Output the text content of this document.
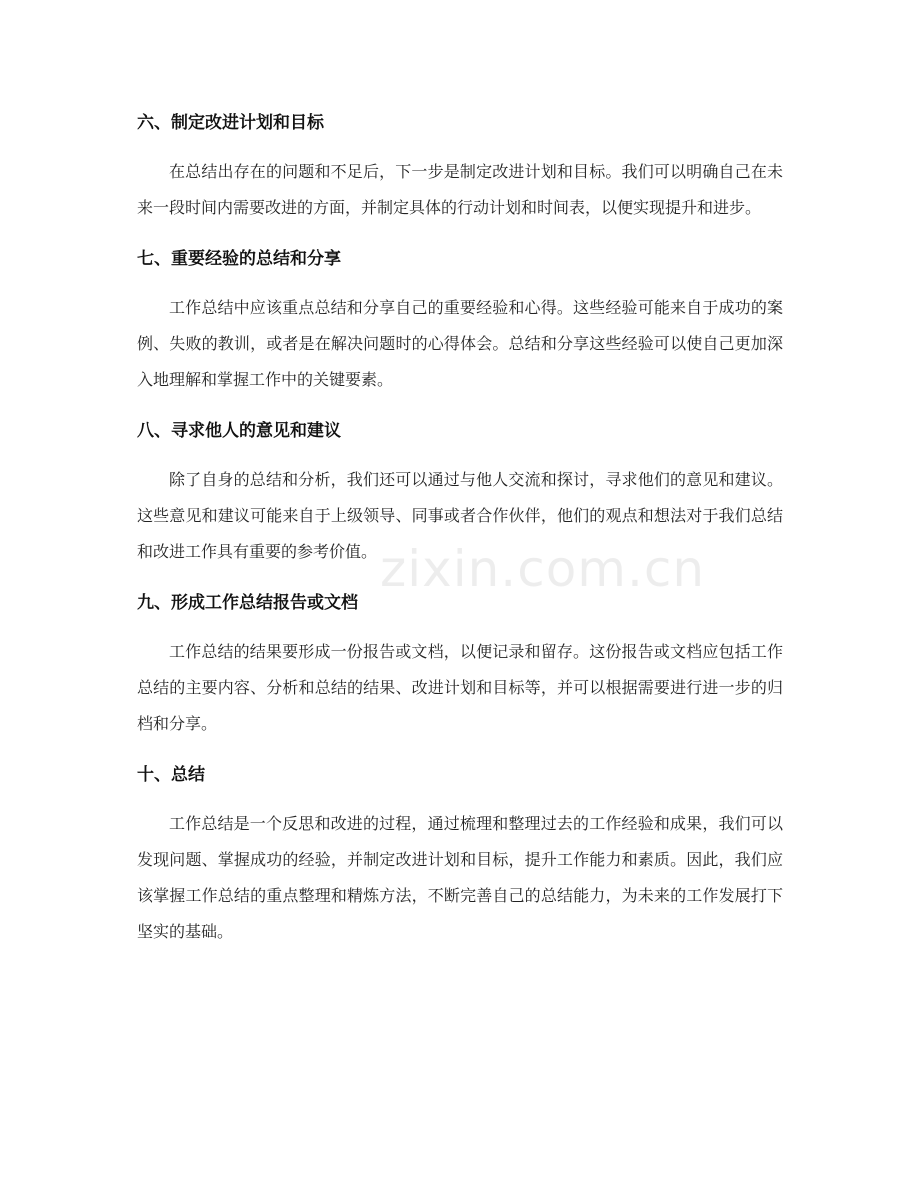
六、制定改进计划和目标

在总结出存在的问题和不足后，下一步是制定改进计划和目标。我们可以明确自己在未来一段时间内需要改进的方面，并制定具体的行动计划和时间表，以便实现提升和进步。

七、重要经验的总结和分享

工作总结中应该重点总结和分享自己的重要经验和心得。这些经验可能来自于成功的案例、失败的教训，或者是在解决问题时的心得体会。总结和分享这些经验可以使自己更加深入地理解和掌握工作中的关键要素。

八、寻求他人的意见和建议

除了自身的总结和分析，我们还可以通过与他人交流和探讨，寻求他们的意见和建议。这些意见和建议可能来自于上级领导、同事或者合作伙伴，他们的观点和想法对于我们总结和改进工作具有重要的参考价值。

九、形成工作总结报告或文档

工作总结的结果要形成一份报告或文档，以便记录和留存。这份报告或文档应包括工作总结的主要内容、分析和总结的结果、改进计划和目标等，并可以根据需要进行进一步的归档和分享。

十、总结

工作总结是一个反思和改进的过程，通过梳理和整理过去的工作经验和成果，我们可以发现问题、掌握成功的经验，并制定改进计划和目标，提升工作能力和素质。因此，我们应该掌握工作总结的重点整理和精炼方法，不断完善自己的总结能力，为未来的工作发展打下坚实的基础。

zixin.com.cn
